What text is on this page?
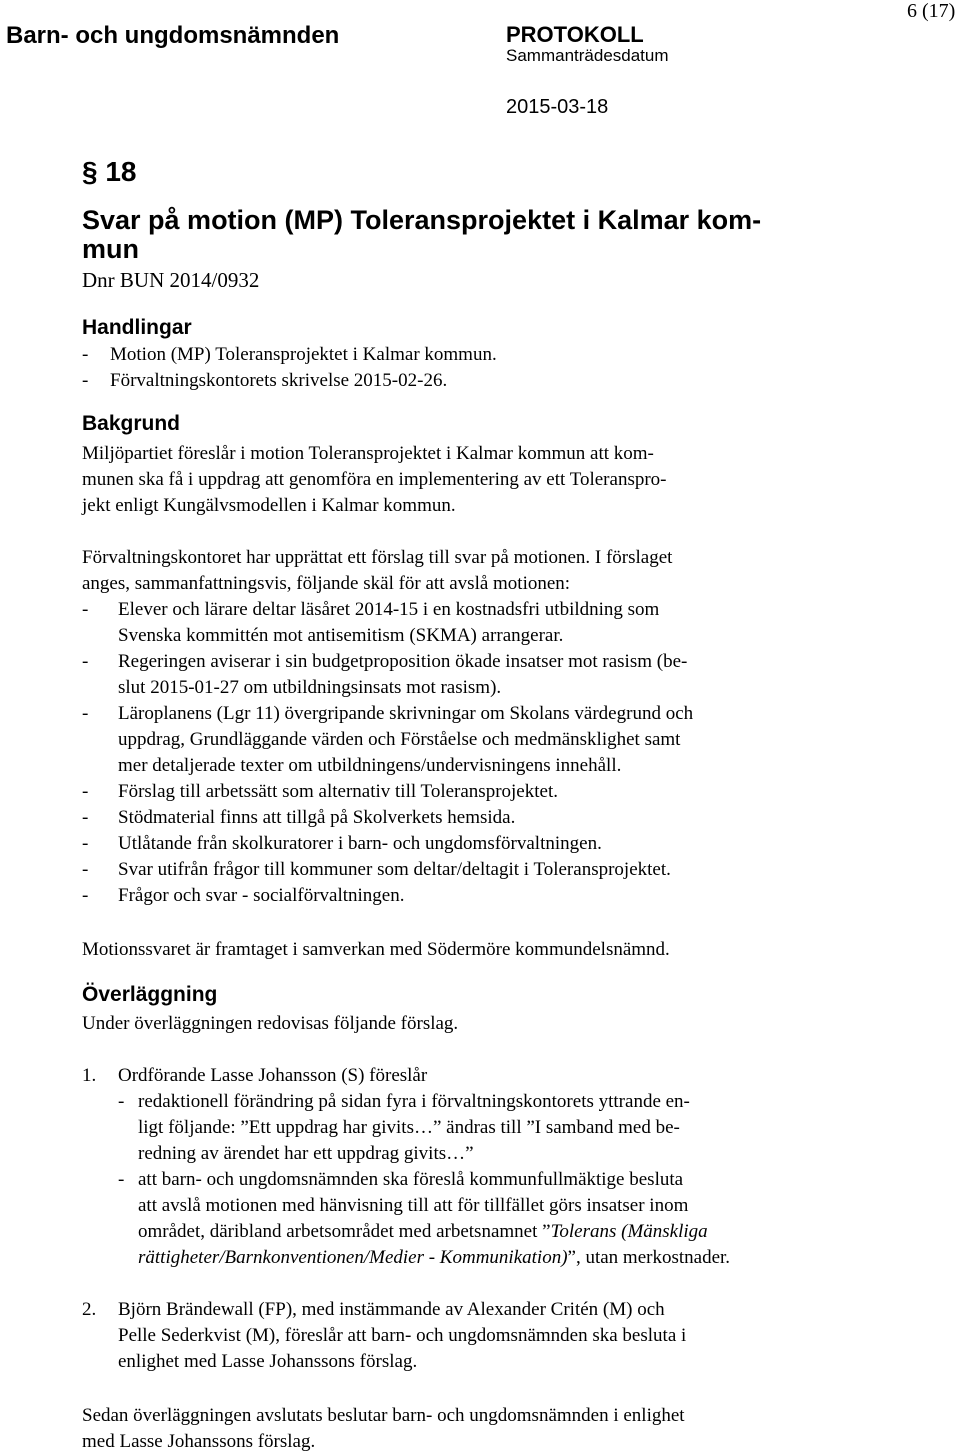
Barn- och ungdomsnämnden	PROTOKOLL
6 (17)
Sammanträdesdatum
2015-03-18
§ 18
Svar på motion (MP) Toleransprojektet i Kalmar kom-
mun
Dnr BUN 2014/0932
Handlingar
- Motion (MP) Toleransprojektet i Kalmar kommun.
- Förvaltningskontorets skrivelse 2015-02-26.
Bakgrund
Miljöpartiet föreslår i motion Toleransprojektet i Kalmar kommun att kom-
munen ska få i uppdrag att genomföra en implementering av ett Toleranspro-
jekt enligt Kungälvsmodellen i Kalmar kommun.
Förvaltningskontoret har upprättat ett förslag till svar på motionen. I förslaget
anges, sammanfattningsvis, följande skäl för att avslå motionen:
- Elever och lärare deltar läsåret 2014-15 i en kostnadsfri utbildning som
Svenska kommittén mot antisemitism (SKMA) arrangerar.
- Regeringen aviserar i sin budgetproposition ökade insatser mot rasism (be-
slut 2015-01-27 om utbildningsinsats mot rasism).
- Läroplanens (Lgr 11) övergripande skrivningar om Skolans värdegrund och
uppdrag, Grundläggande värden och Förståelse och medmänsklighet samt
mer detaljerade texter om utbildningens/undervisningens innehåll.
- Förslag till arbetssätt som alternativ till Toleransprojektet.
- Stödmaterial finns att tillgå på Skolverkets hemsida.
- Utlåtande från skolkuratorer i barn- och ungdomsförvaltningen.
- Svar utifrån frågor till kommuner som deltar/deltagit i Toleransprojektet.
- Frågor och svar - socialförvaltningen.
Motionssvaret är framtaget i samverkan med Södermöre kommundelsnämnd.
Överläggning
Under överläggningen redovisas följande förslag.
1. Ordförande Lasse Johansson (S) föreslår
- redaktionell förändring på sidan fyra i förvaltningskontorets yttrande en-
ligt följande: ”Ett uppdrag har givits…” ändras till ”I samband med be-
redning av ärendet har ett uppdrag givits…”
- att barn- och ungdomsnämnden ska föreslå kommunfullmäktige besluta
att avslå motionen med hänvisning till att för tillfället görs insatser inom
området, däribland arbetsområdet med arbetsnamnet ”Tolerans (Mänskliga
rättigheter/Barnkonventionen/Medier - Kommunikation)”, utan merkostnader.
2. Björn Brändewall (FP), med instämmande av Alexander Critén (M) och
Pelle Sederkvist (M), föreslår att barn- och ungdomsnämnden ska besluta i
enlighet med Lasse Johanssons förslag.
Sedan överläggningen avslutats beslutar barn- och ungdomsnämnden i enlighet
med Lasse Johanssons förslag.
